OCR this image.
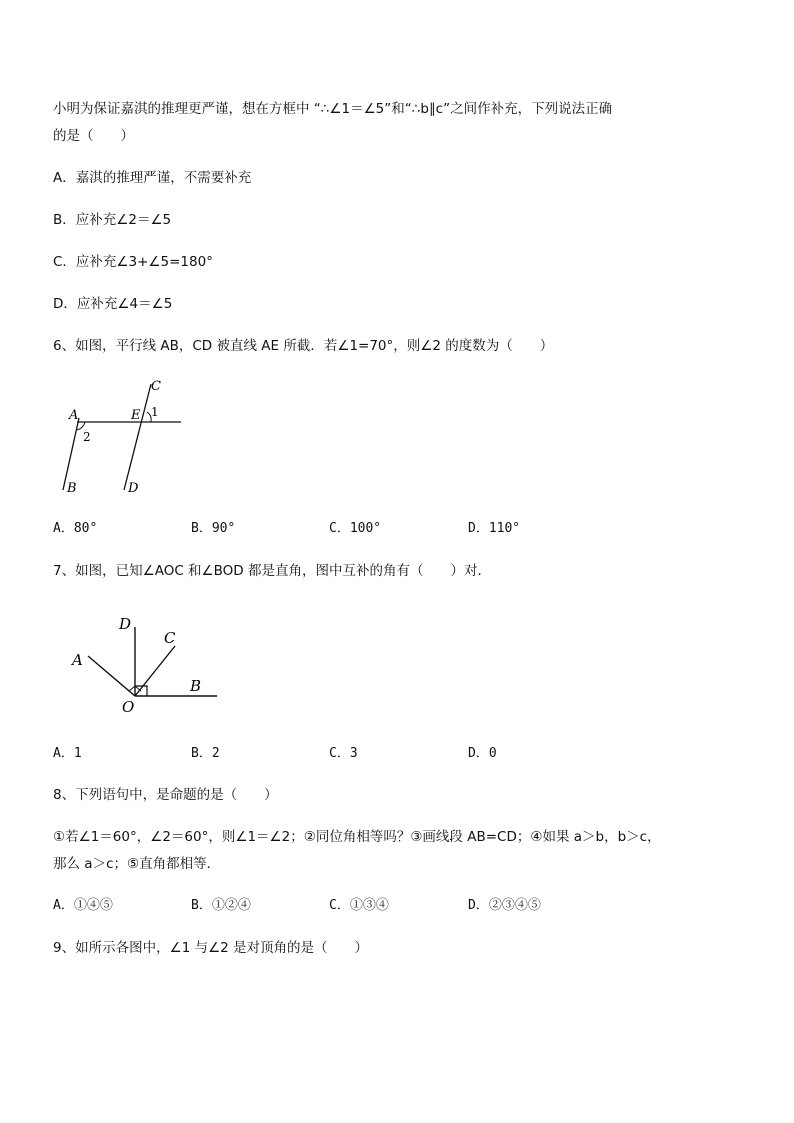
小明为保证嘉淇的推理更严谨，想在方框中 “∴∠1＝∠5”和“∴b∥c”之间作补充，下列说法正确
的是（　　）
A．嘉淇的推理严谨，不需要补充
B．应补充∠2＝∠5
C．应补充∠3+∠5=180°
D．应补充∠4＝∠5
6、如图，平行线 AB，CD 被直线 AE 所截．若∠1=70°，则∠2 的度数为（　　）
C
A	E 1
2
B	D
A．80°	B．90°	C．100°	D．110°
7、如图，已知∠AOC 和∠BOD 都是直角，图中互补的角有（　　）对．
D
C
A
B
O
A．1	B．2	C．3	D．0
8、下列语句中，是命题的是（　　）
①若∠1＝60°，∠2＝60°，则∠1＝∠2；②同位角相等吗？③画线段 AB=CD；④如果 a＞b，b＞c，
那么 a＞c；⑤直角都相等．
A．①④⑤	B．①②④	C．①③④	D．②③④⑤
9、如所示各图中，∠1 与∠2 是对顶角的是（　　）
